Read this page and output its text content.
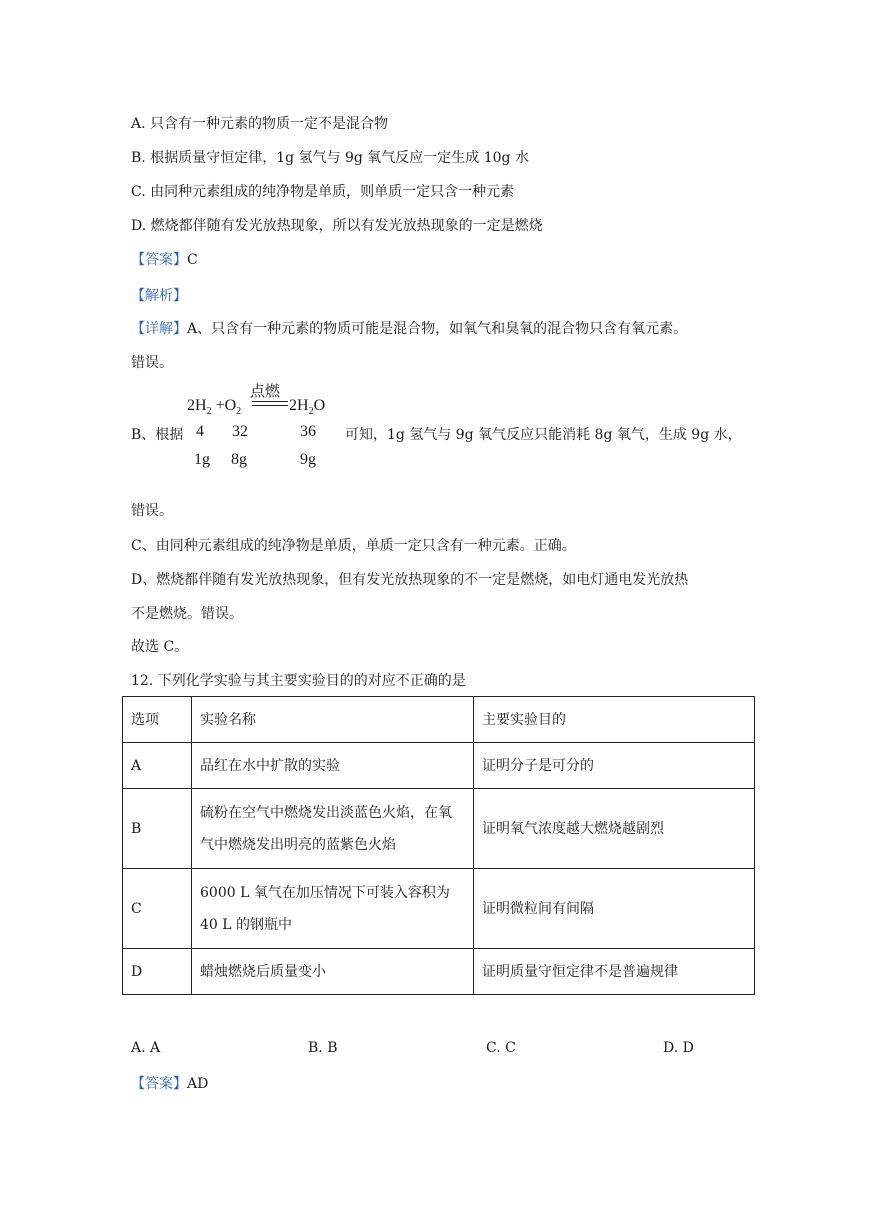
A. 只含有一种元素的物质一定不是混合物
B. 根据质量守恒定律，1g 氢气与 9g 氧气反应一定生成 10g 水
C. 由同种元素组成的纯净物是单质，则单质一定只含一种元素
D. 燃烧都伴随有发光放热现象，所以有发光放热现象的一定是燃烧
【答案】C
【解析】
【详解】A、只含有一种元素的物质可能是混合物，如氧气和臭氧的混合物只含有氧元素。
错误。
$2H_2 +O_2$
点燃
$2H_2O$
B、根据 4 32	36 可知，1g 氢气与 9g 氧气反应只能消耗 8g 氧气，生成 9g 水，
1g 8g	9g
错误。
C、由同种元素组成的纯净物是单质，单质一定只含有一种元素。正确。
D、燃烧都伴随有发光放热现象，但有发光放热现象的不一定是燃烧，如电灯通电发光放热
不是燃烧。错误。
故选 C。
12. 下列化学实验与其主要实验目的的对应不正确的是
选项	实验名称	主要实验目的
A	品红在水中扩散的实验	证明分子是可分的
B	硫粉在空气中燃烧发出淡蓝色火焰，在氧气中燃烧发出明亮的蓝紫色火焰	证明氧气浓度越大燃烧越剧烈
C	6000 L 氧气在加压情况下可装入容积为 40 L 的钢瓶中	证明微粒间有间隔
D	蜡烛燃烧后质量变小	证明质量守恒定律不是普遍规律
A. A	B. B	C. C	D. D
【答案】AD
